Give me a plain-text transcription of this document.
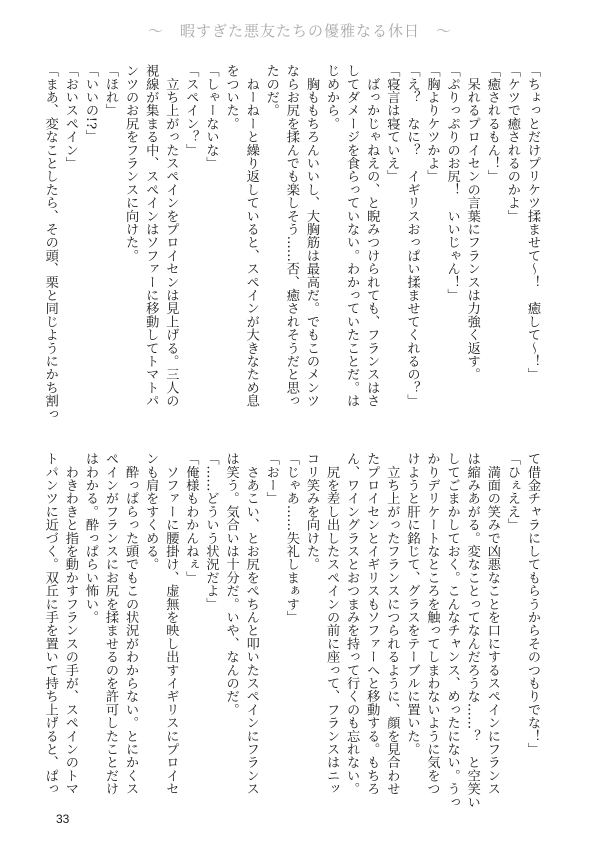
〜　暇すぎた悪友たちの優雅なる休日　〜
「ちょっとだけプリケツ揉ませて〜！　癒して〜！」
「ケツで癒されるのかよ」
「癒されるもん！」
　呆れるプロイセンの言葉にフランスは力強く返す。
「ぷりっぷりのお尻！　いいじゃん！」
「胸よりケツかよ」
「え？　なに？　イギリスおっぱい揉ませてくれるの？」
「寝言は寝ていえ」
　ばっかじゃねえの、と睨みつけられても、フランスはさ
してダメージを食らっていない。わかっていたことだ。は
じめから。
　胸ももちろんいいし、大胸筋は最高だ。でもこのメンツ
ならお尻を揉んでも楽しそう……否、癒されそうだと思っ
たのだ。
　ねーねーと繰り返していると、スペインが大きなため息
をついた。
「しゃーないな」
「スペイン？」
　立ち上がったスペインをプロイセンは見上げる。三人の
視線が集まる中、スペインはソファーに移動してトマトパ
ンツのお尻をフランスに向けた。
「ほれ」
「いいの!?」
「おいスペイン」
「まあ、変なことしたら、その頭、栗と同じようにかち割っ
て借金チャラにしてもらうからそのつもりでな！」
「ひぇええ」
　満面の笑みで凶悪なことを口にするスペインにフランス
は縮みあがる。変なことってなんだろうな……？　と空笑い
してごまかしておく。こんなチャンス、めったにない。うっ
かりデリケートなところを触ってしまわないように気をつ
けようと肝に銘じて、グラスをテーブルに置いた。
　立ち上がったフランスにつられるように、顔を見合わせ
たプロイセンとイギリスもソファーへと移動する。もちろ
ん、ワイングラスとおつまみを持って行くのも忘れない。
　尻を差し出したスペインの前に座って、フランスはニッ
コリ笑みを向けた。
「じゃあ……失礼しまぁす」
「おー」
　さあこい、とお尻をぺちんと叩いたスペインにフランス
は笑う。気合いは十分だ。いや、なんのだ。
「……どういう状況だよ」
「俺様もわかんねぇ」
　ソファーに腰掛け、虚無を映し出すイギリスにプロイセ
ンも肩をすくめる。
　酔っぱらった頭でもこの状況がわからない。とにかくス
ペインがフランスにお尻を揉ませるのを許可したことだけ
はわかる。酔っぱらい怖い。
　わきわきと指を動かすフランスの手が、スペインのトマ
トパンツに近づく。双丘に手を置いて持ち上げると、ぱっ
33
